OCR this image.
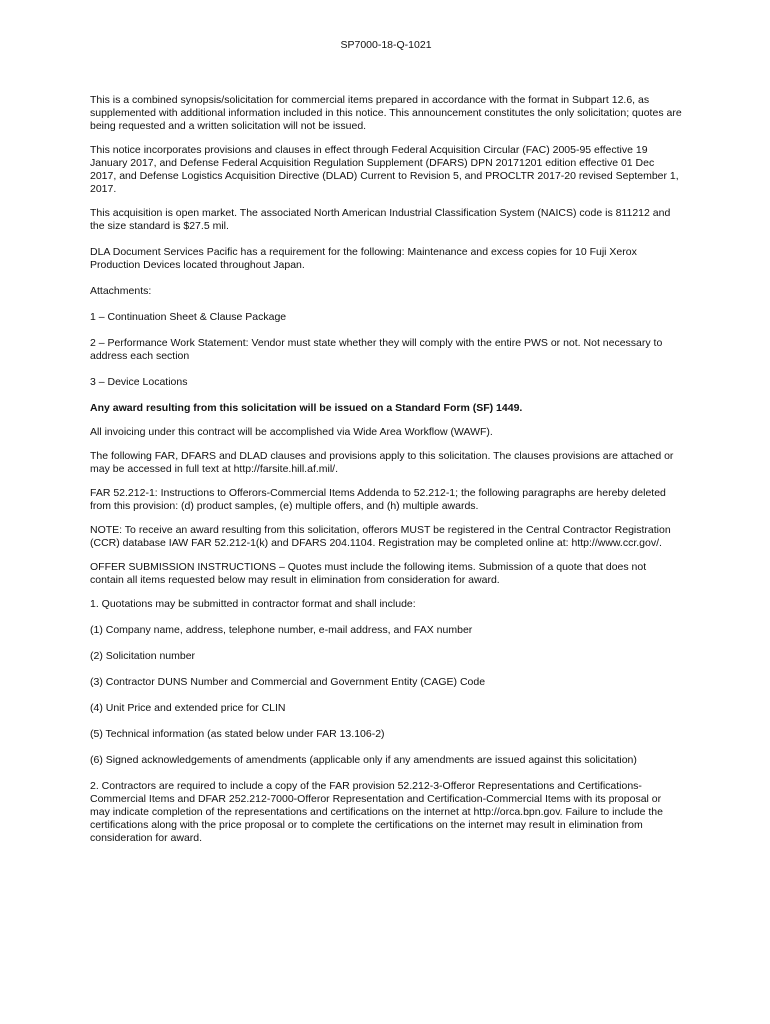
SP7000-18-Q-1021

This is a combined synopsis/solicitation for commercial items prepared in accordance with the format in Subpart 12.6, as supplemented with additional information included in this notice. This announcement constitutes the only solicitation; quotes are being requested and a written solicitation will not be issued.

This notice incorporates provisions and clauses in effect through Federal Acquisition Circular (FAC) 2005-95 effective 19 January 2017, and Defense Federal Acquisition Regulation Supplement (DFARS) DPN 20171201 edition effective 01 Dec 2017, and Defense Logistics Acquisition Directive (DLAD) Current to Revision 5, and PROCLTR 2017-20 revised September 1, 2017.

This acquisition is open market. The associated North American Industrial Classification System (NAICS) code is 811212 and the size standard is $27.5 mil.

DLA Document Services Pacific has a requirement for the following: Maintenance and excess copies for 10 Fuji Xerox Production Devices located throughout Japan.

Attachments:

1 – Continuation Sheet & Clause Package

2 – Performance Work Statement: Vendor must state whether they will comply with the entire PWS or not. Not necessary to address each section

3 – Device Locations

Any award resulting from this solicitation will be issued on a Standard Form (SF) 1449.

All invoicing under this contract will be accomplished via Wide Area Workflow (WAWF).

The following FAR, DFARS and DLAD clauses and provisions apply to this solicitation. The clauses provisions are attached or may be accessed in full text at http://farsite.hill.af.mil/.

FAR 52.212-1: Instructions to Offerors-Commercial Items Addenda to 52.212-1; the following paragraphs are hereby deleted from this provision: (d) product samples, (e) multiple offers, and (h) multiple awards.

NOTE: To receive an award resulting from this solicitation, offerors MUST be registered in the Central Contractor Registration (CCR) database IAW FAR 52.212-1(k) and DFARS 204.1104. Registration may be completed online at: http://www.ccr.gov/.

OFFER SUBMISSION INSTRUCTIONS – Quotes must include the following items. Submission of a quote that does not contain all items requested below may result in elimination from consideration for award.

1. Quotations may be submitted in contractor format and shall include:

(1) Company name, address, telephone number, e-mail address, and FAX number

(2) Solicitation number

(3) Contractor DUNS Number and Commercial and Government Entity (CAGE) Code

(4) Unit Price and extended price for CLIN

(5) Technical information (as stated below under FAR 13.106-2)

(6) Signed acknowledgements of amendments (applicable only if any amendments are issued against this solicitation)

2. Contractors are required to include a copy of the FAR provision 52.212-3-Offeror Representations and Certifications-Commercial Items and DFAR 252.212-7000-Offeror Representation and Certification-Commercial Items with its proposal or may indicate completion of the representations and certifications on the internet at http://orca.bpn.gov. Failure to include the certifications along with the price proposal or to complete the certifications on the internet may result in elimination from consideration for award.
